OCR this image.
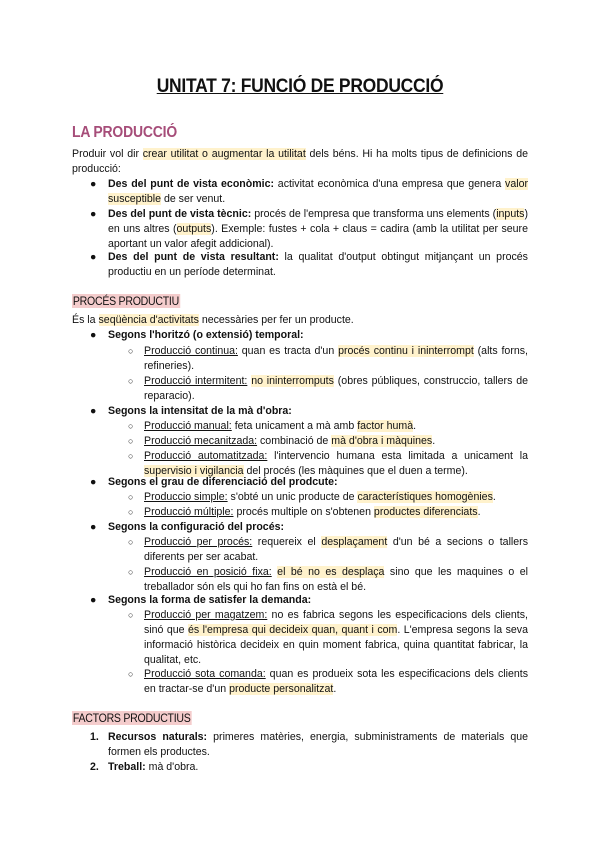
UNITAT 7: FUNCIÓ DE PRODUCCIÓ
LA PRODUCCIÓ
Produir vol dir crear utilitat o augmentar la utilitat dels béns. Hi ha molts tipus de definicions de producció:
● Des del punt de vista econòmic: activitat econòmica d'una empresa que genera valor susceptible de ser venut.
● Des del punt de vista tècnic: procés de l'empresa que transforma uns elements (inputs) en uns altres (outputs). Exemple: fustes + cola + claus = cadira (amb la utilitat per seure aportant un valor afegit addicional).
● Des del punt de vista resultant: la qualitat d'output obtingut mitjançant un procés productiu en un període determinat.
PROCÉS PRODUCTIU
És la seqüència d'activitats necessàries per fer un producte.
● Segons l'horitzó (o extensió) temporal:
○ Producció continua: quan es tracta d'un procés continu i ininterrompt (alts forns, refineries).
○ Producció intermitent: no ininterromputs (obres públiques, construccio, tallers de reparacio).
● Segons la intensitat de la mà d'obra:
○ Producció manual: feta unicament a mà amb factor humà.
○ Producció mecanitzada: combinació de mà d'obra i màquines.
○ Producció automatitzada: l'intervencio humana esta limitada a unicament la supervisio i vigilancia del procés (les màquines que el duen a terme).
● Segons el grau de diferenciació del prodcute:
○ Produccio simple: s'obté un unic producte de característiques homogènies.
○ Producció múltiple: procés multiple on s'obtenen productes diferenciats.
● Segons la configuració del procés:
○ Producció per procés: requereix el desplaçament d'un bé a secions o tallers diferents per ser acabat.
○ Producció en posició fixa: el bé no es desplaça sino que les maquines o el treballador són els qui ho fan fins on està el bé.
● Segons la forma de satisfer la demanda:
○ Producció per magatzem: no es fabrica segons les especificacions dels clients, sinó que és l'empresa qui decideix quan, quant i com. L'empresa segons la seva informació històrica decideix en quin moment fabrica, quina quantitat fabricar, la qualitat, etc.
○ Producció sota comanda: quan es produeix sota les especificacions dels clients en tractar-se d'un producte personalitzat.
FACTORS PRODUCTIUS
1. Recursos naturals: primeres matèries, energia, subministraments de materials que formen els productes.
2. Treball: mà d'obra.
